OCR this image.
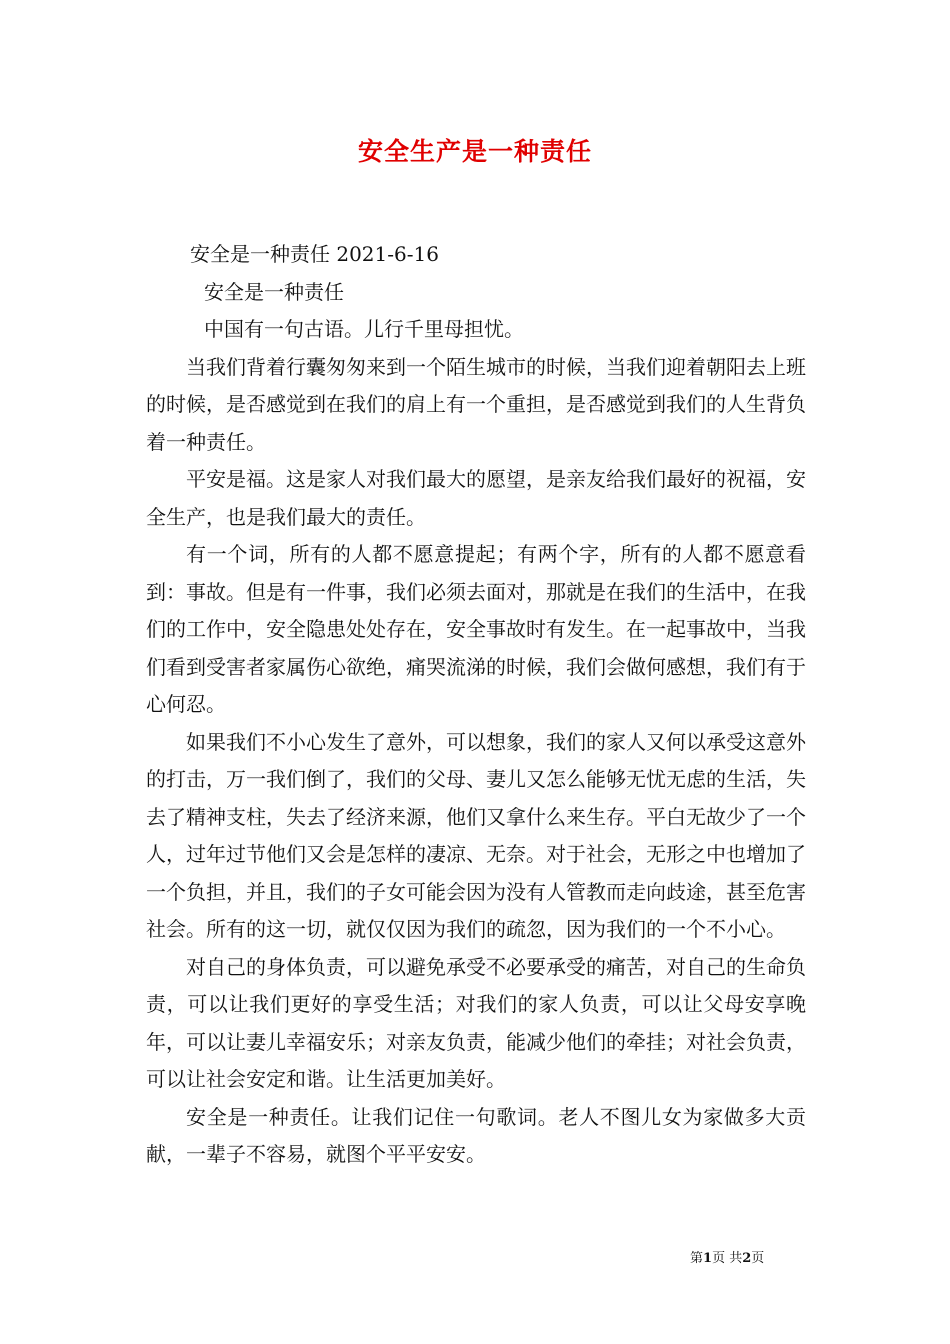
安全生产是一种责任

安全是一种责任 2021-6-16

安全是一种责任

中国有一句古语。儿行千里母担忧。

当我们背着行囊匆匆来到一个陌生城市的时候，当我们迎着朝阳去上班的时候，是否感觉到在我们的肩上有一个重担，是否感觉到我们的人生背负着一种责任。

平安是福。这是家人对我们最大的愿望，是亲友给我们最好的祝福，安全生产，也是我们最大的责任。

有一个词，所有的人都不愿意提起；有两个字，所有的人都不愿意看到：事故。但是有一件事，我们必须去面对，那就是在我们的生活中，在我们的工作中，安全隐患处处存在，安全事故时有发生。在一起事故中，当我们看到受害者家属伤心欲绝，痛哭流涕的时候，我们会做何感想，我们有于心何忍。

如果我们不小心发生了意外，可以想象，我们的家人又何以承受这意外的打击，万一我们倒了，我们的父母、妻儿又怎么能够无忧无虑的生活，失去了精神支柱，失去了经济来源，他们又拿什么来生存。平白无故少了一个人，过年过节他们又会是怎样的凄凉、无奈。对于社会，无形之中也增加了一个负担，并且，我们的子女可能会因为没有人管教而走向歧途，甚至危害社会。所有的这一切，就仅仅因为我们的疏忽，因为我们的一个不小心。

对自己的身体负责，可以避免承受不必要承受的痛苦，对自己的生命负责，可以让我们更好的享受生活；对我们的家人负责，可以让父母安享晚年，可以让妻儿幸福安乐；对亲友负责，能减少他们的牵挂；对社会负责，可以让社会安定和谐。让生活更加美好。

安全是一种责任。让我们记住一句歌词。老人不图儿女为家做多大贡献，一辈子不容易，就图个平平安安。

第1页 共2页
